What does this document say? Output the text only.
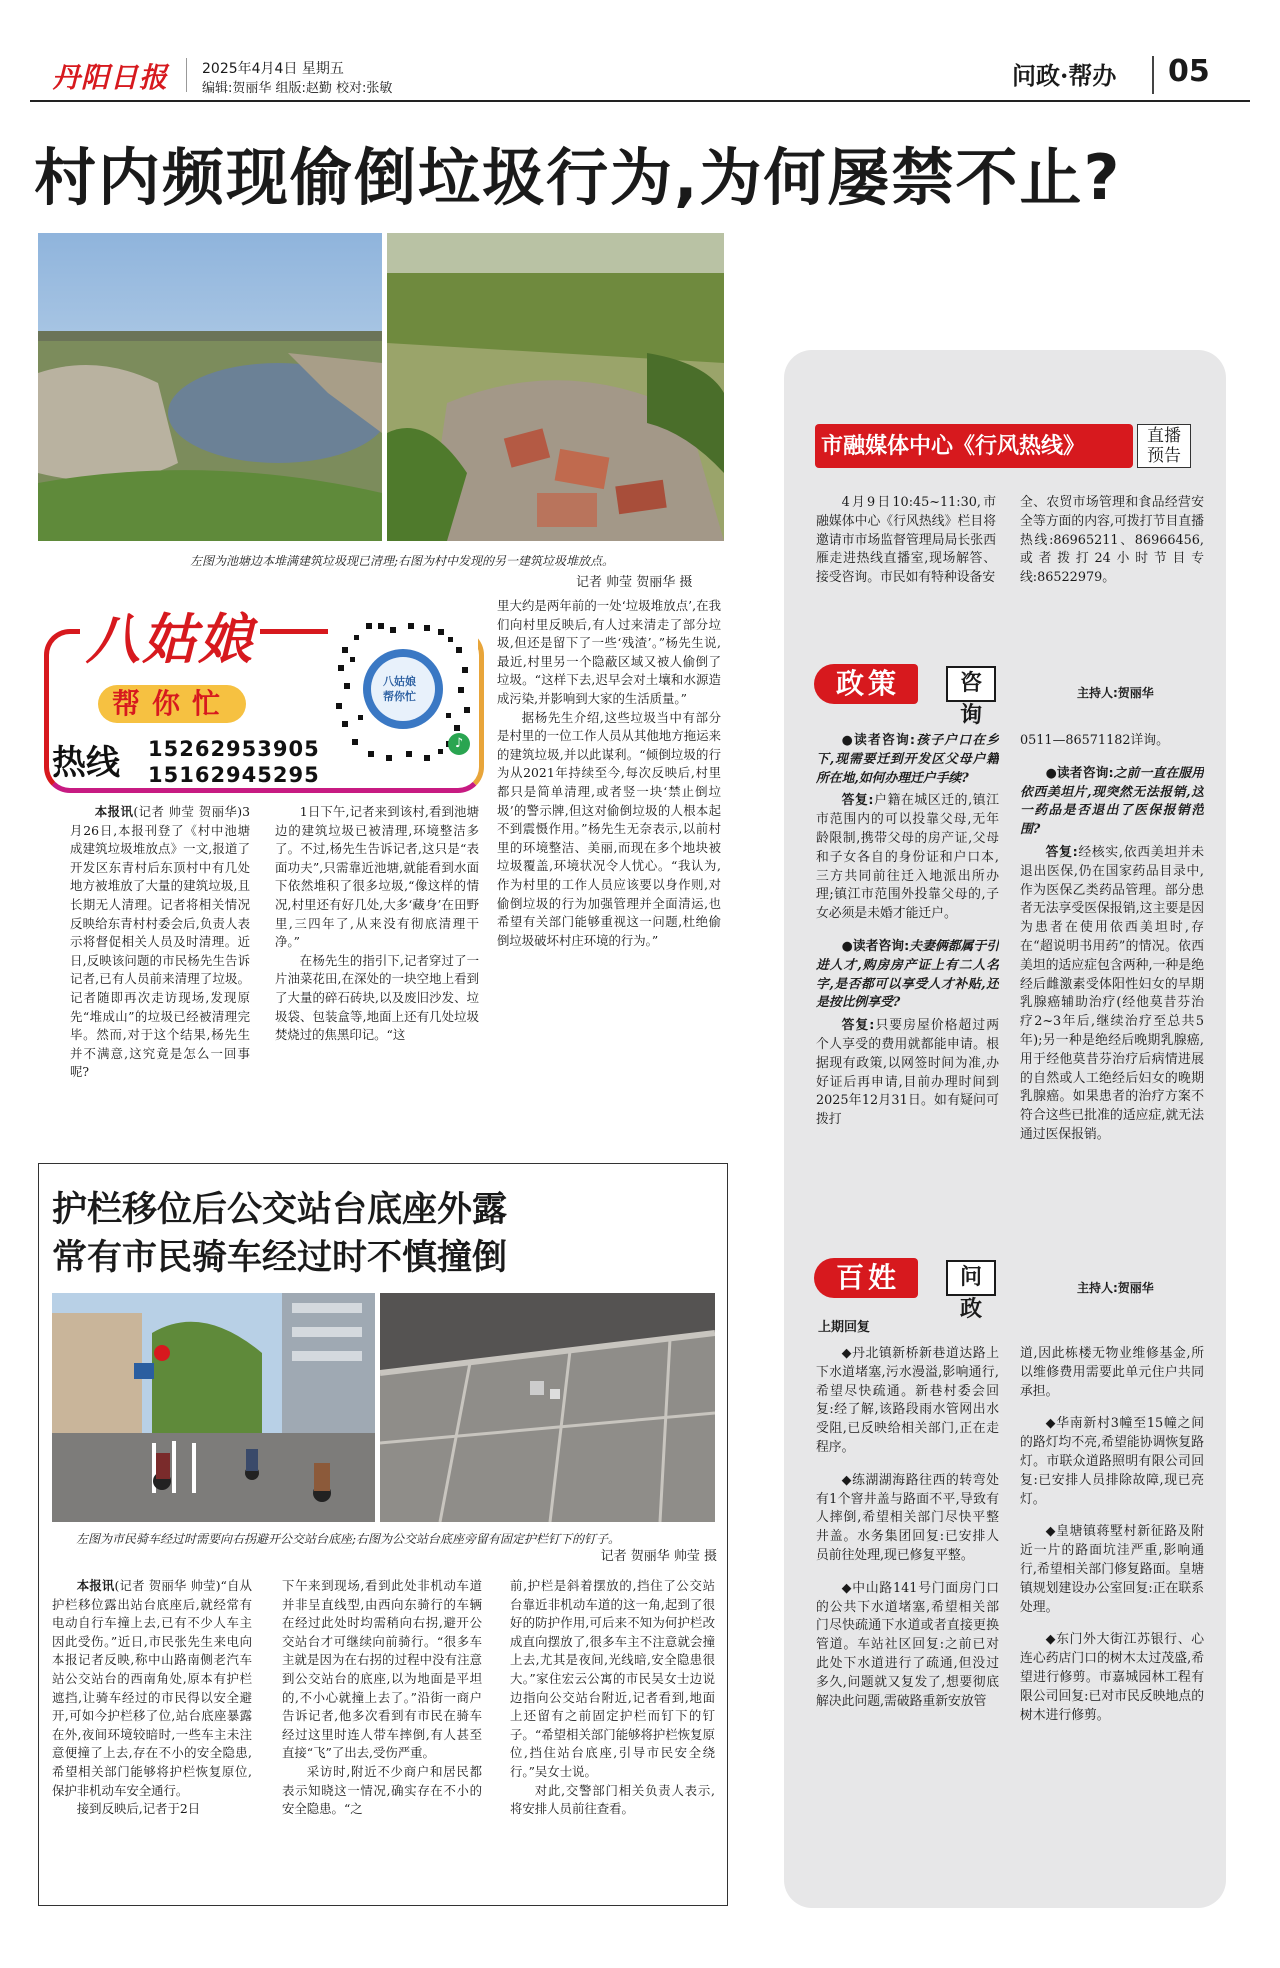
丹阳日报 2025年4月4日 星期五
编辑:贺丽华 组版:赵勤 校对:张敏	问政·帮办 05
村内频现偷倒垃圾行为,为何屡禁不止?
左图为池塘边本堆满建筑垃圾现已清理;右图为村中发现的另一建筑垃圾堆放点。
记者 帅莹 贺丽华 摄
八姑娘
帮你忙
热线 15262953905
15162945295
八姑娘
帮你忙
♪

本报讯(记者 帅莹 贺丽华)3月26日,本报刊登了《村中池塘成建筑垃圾堆放点》一文,报道了开发区东青村后东顶村中有几处地方被堆放了大量的建筑垃圾,且长期无人清理。记者将相关情况反映给东青村村委会后,负责人表示将督促相关人员及时清理。近日,反映该问题的市民杨先生告诉记者,已有人员前来清理了垃圾。记者随即再次走访现场,发现原先“堆成山”的垃圾已经被清理完毕。然而,对于这个结果,杨先生并不满意,这究竟是怎么一回事呢?

1日下午,记者来到该村,看到池塘边的建筑垃圾已被清理,环境整洁多了。不过,杨先生告诉记者,这只是“表面功夫”,只需靠近池塘,就能看到水面下依然堆积了很多垃圾,“像这样的情况,村里还有好几处,大多‘藏身’在田野里,三四年了,从来没有彻底清理干净。”

在杨先生的指引下,记者穿过了一片油菜花田,在深处的一块空地上看到了大量的碎石砖块,以及废旧沙发、垃圾袋、包装盒等,地面上还有几处垃圾焚烧过的焦黑印记。“这

里大约是两年前的一处‘垃圾堆放点’,在我们向村里反映后,有人过来清走了部分垃圾,但还是留下了一些‘残渣’。”杨先生说,最近,村里另一个隐蔽区域又被人偷倒了垃圾。“这样下去,迟早会对土壤和水源造成污染,并影响到大家的生活质量。”

据杨先生介绍,这些垃圾当中有部分是村里的一位工作人员从其他地方拖运来的建筑垃圾,并以此谋利。“倾倒垃圾的行为从2021年持续至今,每次反映后,村里都只是简单清理,或者竖一块‘禁止倒垃圾’的警示牌,但这对偷倒垃圾的人根本起不到震慑作用。”杨先生无奈表示,以前村里的环境整洁、美丽,而现在多个地块被垃圾覆盖,环境状况令人忧心。“我认为,作为村里的工作人员应该要以身作则,对偷倒垃圾的行为加强管理并全面清运,也希望有关部门能够重视这一问题,杜绝偷倒垃圾破坏村庄环境的行为。”

护栏移位后公交站台底座外露
常有市民骑车经过时不慎撞倒
左图为市民骑车经过时需要向右拐避开公交站台底座;右图为公交站台底座旁留有固定护栏钉下的钉子。
记者 贺丽华 帅莹 摄

本报讯(记者 贺丽华 帅莹)“自从护栏移位露出站台底座后,就经常有电动自行车撞上去,已有不少人车主因此受伤。”近日,市民张先生来电向本报记者反映,称中山路南侧老汽车站公交站台的西南角处,原本有护栏遮挡,让骑车经过的市民得以安全避开,可如今护栏移了位,站台底座暴露在外,夜间环境较暗时,一些车主未注意便撞了上去,存在不小的安全隐患,希望相关部门能够将护栏恢复原位,保护非机动车安全通行。

接到反映后,记者于2日

下午来到现场,看到此处非机动车道并非呈直线型,由西向东骑行的车辆在经过此处时均需稍向右拐,避开公交站台才可继续向前骑行。“很多车主就是因为在右拐的过程中没有注意到公交站台的底座,以为地面是平坦的,不小心就撞上去了。”沿街一商户告诉记者,他多次看到有市民在骑车经过这里时连人带车摔倒,有人甚至直接“飞”了出去,受伤严重。

采访时,附近不少商户和居民都表示知晓这一情况,确实存在不小的安全隐患。“之

前,护栏是斜着摆放的,挡住了公交站台靠近非机动车道的这一角,起到了很好的防护作用,可后来不知为何护栏改成直向摆放了,很多车主不注意就会撞上去,尤其是夜间,光线暗,安全隐患很大。”家住宏云公寓的市民吴女士边说边指向公交站台附近,记者看到,地面上还留有之前固定护栏而钉下的钉子。“希望相关部门能够将护栏恢复原位,挡住站台底座,引导市民安全绕行。”吴女士说。

对此,交警部门相关负责人表示,将安排人员前往查看。

市融媒体中心《行风热线》	直播
预告
4月9日10:45~11:30,市融媒体中心《行风热线》栏目将邀请市市场监督管理局局长张西雁走进热线直播室,现场解答、接受咨询。市民如有特种设备安
全、农贸市场管理和食品经营安全等方面的内容,可拨打节目直播热线:86965211、86966456,或者拨打24小时节目专线:86522979。
政策	咨询
主持人:贺丽华

●读者咨询:孩子户口在乡下,现需要迁到开发区父母户籍所在地,如何办理迁户手续?

答复:户籍在城区迁的,镇江市范围内的可以投靠父母,无年龄限制,携带父母的房产证,父母和子女各自的身份证和户口本,三方共同前往迁入地派出所办理;镇江市范围外投靠父母的,子女必须是未婚才能迁户。

●读者咨询:夫妻俩都属于引进人才,购房房产证上有二人名字,是否都可以享受人才补贴,还是按比例享受?

答复:只要房屋价格超过两个人享受的费用就都能申请。根据现有政策,以网签时间为准,办好证后再申请,目前办理时间到2025年12月31日。如有疑问可拨打

0511—86571182详询。

●读者咨询:之前一直在服用依西美坦片,现突然无法报销,这一药品是否退出了医保报销范围?

答复:经核实,依西美坦并未退出医保,仍在国家药品目录中,作为医保乙类药品管理。部分患者无法享受医保报销,这主要是因为患者在使用依西美坦时,存在“超说明书用药”的情况。依西美坦的适应症包含两种,一种是绝经后雌激素受体阳性妇女的早期乳腺癌辅助治疗(经他莫昔芬治疗2~3年后,继续治疗至总共5年);另一种是绝经后晚期乳腺癌,用于经他莫昔芬治疗后病情进展的自然或人工绝经后妇女的晚期乳腺癌。如果患者的治疗方案不符合这些已批准的适应症,就无法通过医保报销。

百姓	问政
主持人:贺丽华
上期回复

◆丹北镇新桥新巷道达路上下水道堵塞,污水漫溢,影响通行,希望尽快疏通。新巷村委会回复:经了解,该路段雨水管网出水受阻,已反映给相关部门,正在走程序。

◆练湖湖海路往西的转弯处有1个窨井盖与路面不平,导致有人摔倒,希望相关部门尽快平整井盖。水务集团回复:已安排人员前往处理,现已修复平整。

◆中山路141号门面房门口的公共下水道堵塞,希望相关部门尽快疏通下水道或者直接更换管道。车站社区回复:之前已对此处下水道进行了疏通,但没过多久,问题就又复发了,想要彻底解决此问题,需破路重新安放管

道,因此栋楼无物业维修基金,所以维修费用需要此单元住户共同承担。

◆华南新村3幢至15幢之间的路灯均不亮,希望能协调恢复路灯。市联众道路照明有限公司回复:已安排人员排除故障,现已亮灯。

◆皇塘镇蒋墅村新征路及附近一片的路面坑洼严重,影响通行,希望相关部门修复路面。皇塘镇规划建设办公室回复:正在联系处理。

◆东门外大街江苏银行、心连心药店门口的树木太过茂盛,希望进行修剪。市嘉城园林工程有限公司回复:已对市民反映地点的树木进行修剪。
